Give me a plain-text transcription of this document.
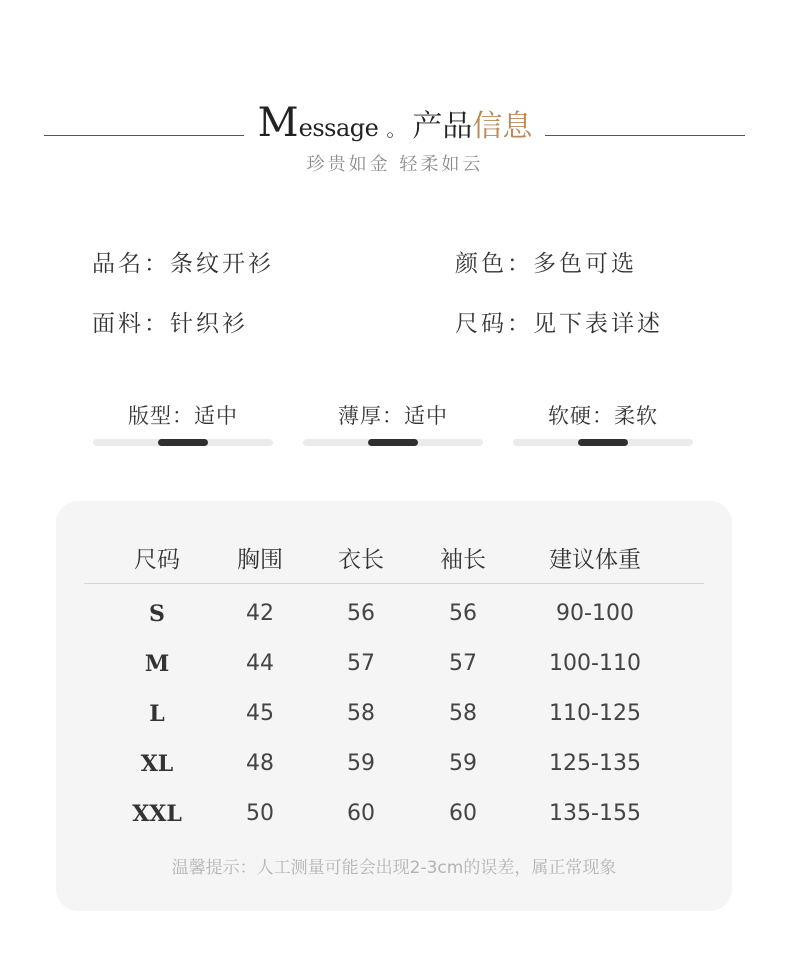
Message 。 产品信息
珍贵如金 轻柔如云
品名：条纹开衫	颜色：多色可选
面料：针织衫	尺码：见下表详述
版型：适中	薄厚：适中	软硬：柔软
尺码	胸围	衣长	袖长	建议体重
S	42	56	56	90-100
M	44	57	57	100-110
L	45	58	58	110-125
XL	48	59	59	125-135
XXL	50	60	60	135-155
温馨提示：人工测量可能会出现2-3cm的误差，属正常现象
